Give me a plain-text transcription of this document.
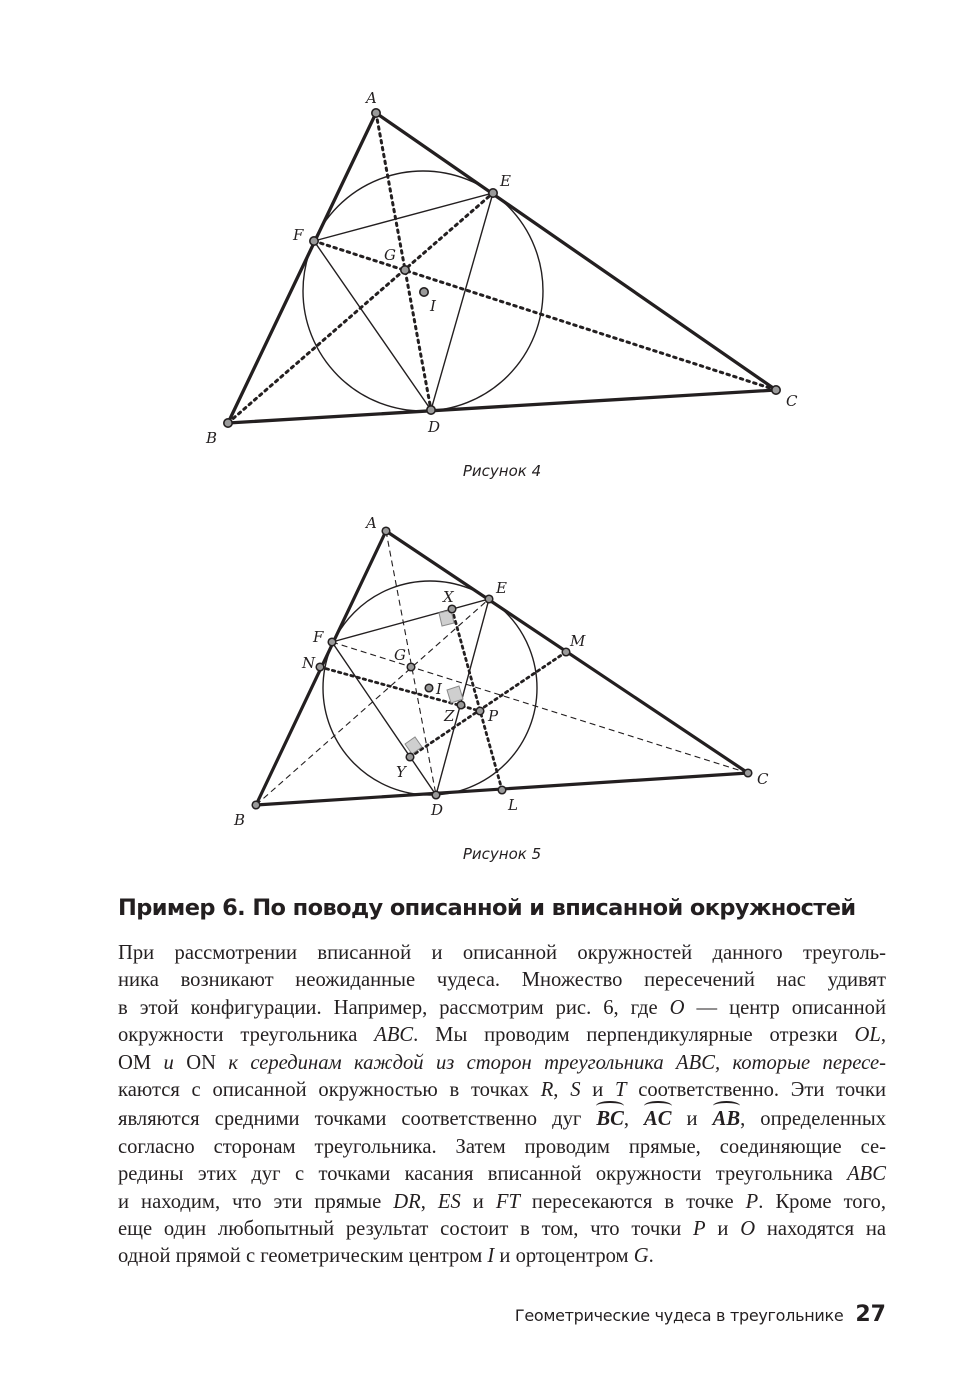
A
B
C
D
E
F
G
I
Рисунок 4
A
B
C
D
E
F
G
I
X
Y
Z P
M
N
L
Рисунок 5
Пример 6. По поводу описанной и вписанной окружностей
При рассмотрении вписанной и описанной окружностей данного треуголь-
ника возникают неожиданные чудеса. Множество пересечений нас удивят
в этой конфигурации. Например, рассмотрим рис. 6, где O — центр описанной
окружности треугольника ABC. Мы проводим перпендикулярные отрезки OL,
OM и ON к серединам каждой из сторон треугольника ABC, которые пересе-
каются с описанной окружностью в точках R, S и T соответственно. Эти точки
являются средними точками соответственно дуг BC, AC и AB, определенных
согласно сторонам треугольника. Затем проводим прямые, соединяющие се-
редины этих дуг с точками касания вписанной окружности треугольника ABC
и находим, что эти прямые DR, ES и FT пересекаются в точке P. Кроме того,
еще один любопытный результат состоит в том, что точки P и O находятся на
одной прямой с геометрическим центром I и ортоцентром G.
Геометрические чудеса в треугольнике 27
